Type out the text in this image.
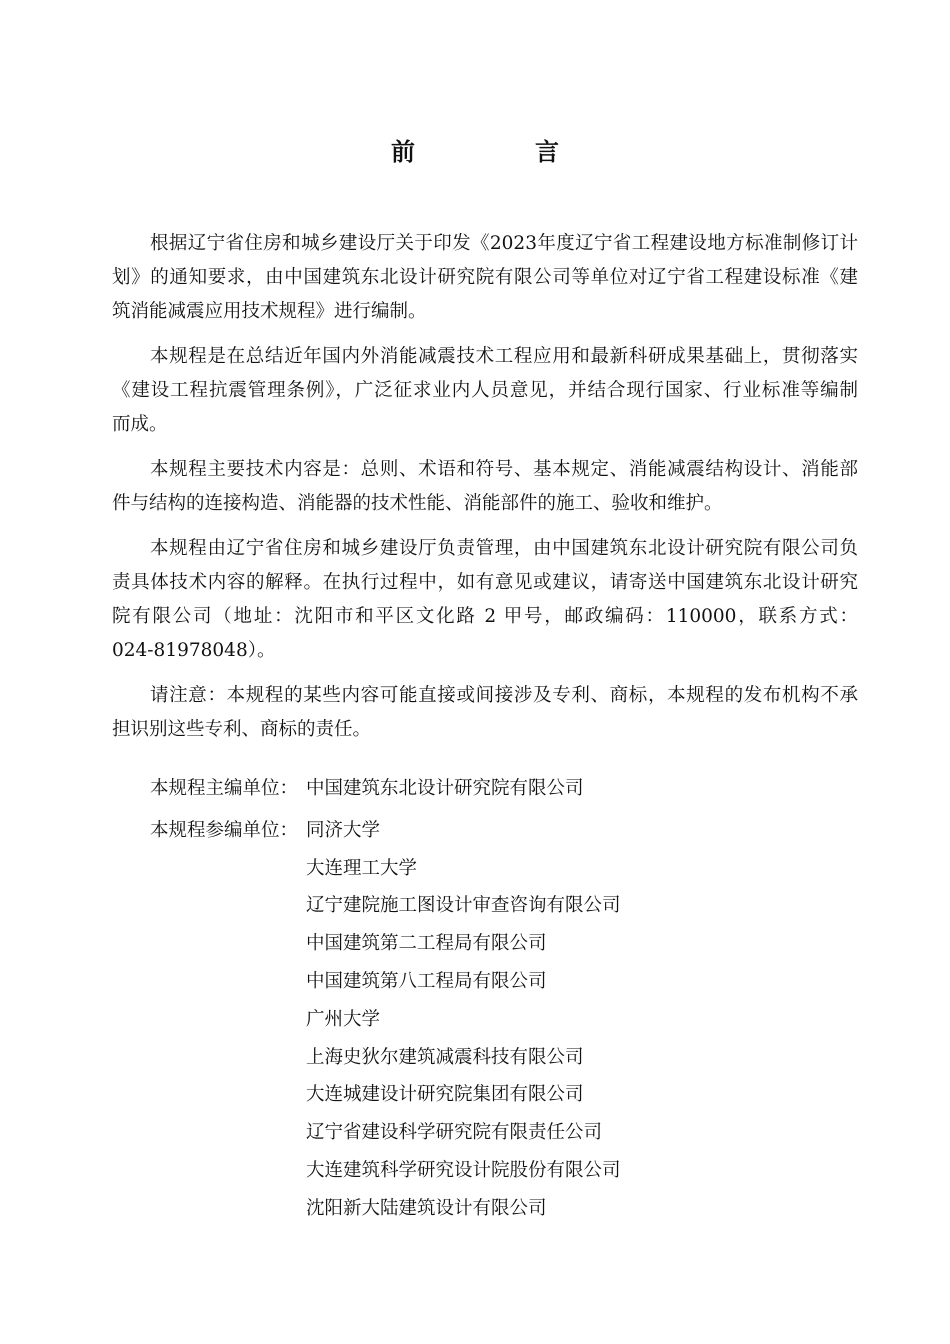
前　言
根据辽宁省住房和城乡建设厅关于印发《2023年度辽宁省工程建设地方标准制修订计
划》的通知要求，由中国建筑东北设计研究院有限公司等单位对辽宁省工程建设标准《建
筑消能减震应用技术规程》进行编制。
本规程是在总结近年国内外消能减震技术工程应用和最新科研成果基础上，贯彻落实
《建设工程抗震管理条例》，广泛征求业内人员意见，并结合现行国家、行业标准等编制
而成。
本规程主要技术内容是：总则、术语和符号、基本规定、消能减震结构设计、消能部
件与结构的连接构造、消能器的技术性能、消能部件的施工、验收和维护。
本规程由辽宁省住房和城乡建设厅负责管理，由中国建筑东北设计研究院有限公司负
责具体技术内容的解释。在执行过程中，如有意见或建议，请寄送中国建筑东北设计研究
院有限公司（地址：沈阳市和平区文化路 2 甲号，邮政编码：110000，联系方式：
024-81978048）。
请注意：本规程的某些内容可能直接或间接涉及专利、商标，本规程的发布机构不承
担识别这些专利、商标的责任。
本规程主编单位： 中国建筑东北设计研究院有限公司
本规程参编单位： 同济大学
大连理工大学
辽宁建院施工图设计审查咨询有限公司
中国建筑第二工程局有限公司
中国建筑第八工程局有限公司
广州大学
上海史狄尔建筑减震科技有限公司
大连城建设计研究院集团有限公司
辽宁省建设科学研究院有限责任公司
大连建筑科学研究设计院股份有限公司
沈阳新大陆建筑设计有限公司
